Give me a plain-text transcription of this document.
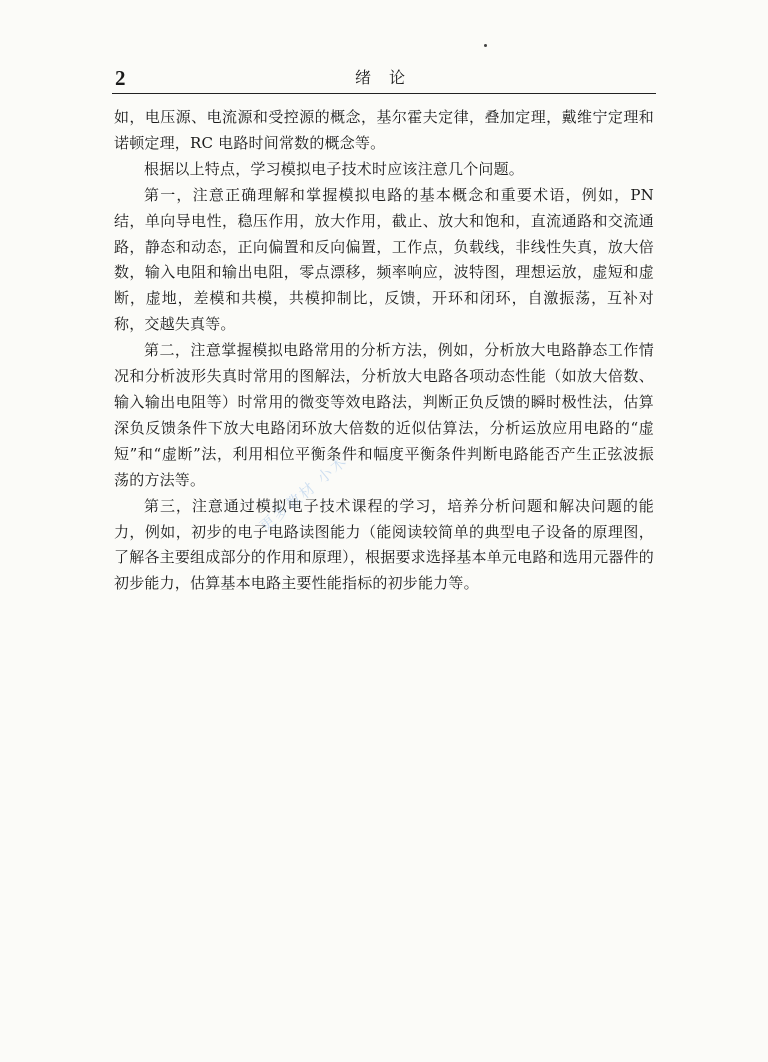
2	绪论

如，电压源、电流源和受控源的概念，基尔霍夫定律，叠加定理，戴维宁定理和诺顿定理，RC 电路时间常数的概念等。

根据以上特点，学习模拟电子技术时应该注意几个问题。

第一，注意正确理解和掌握模拟电路的基本概念和重要术语，例如，PN 结，单向导电性，稳压作用，放大作用，截止、放大和饱和，直流通路和交流通路，静态和动态，正向偏置和反向偏置，工作点，负载线，非线性失真，放大倍数，输入电阻和输出电阻，零点漂移，频率响应，波特图，理想运放，虚短和虚断，虚地，差模和共模，共模抑制比，反馈，开环和闭环，自激振荡，互补对称，交越失真等。

第二，注意掌握模拟电路常用的分析方法，例如，分析放大电路静态工作情况和分析波形失真时常用的图解法，分析放大电路各项动态性能（如放大倍数、输入输出电阻等）时常用的微变等效电路法，判断正负反馈的瞬时极性法，估算深负反馈条件下放大电路闭环放大倍数的近似估算法，分析运放应用电路的“虚短”和“虚断”法，利用相位平衡条件和幅度平衡条件判断电路能否产生正弦波振荡的方法等。

第三，注意通过模拟电子技术课程的学习，培养分析问题和解决问题的能力，例如，初步的电子电路读图能力（能阅读较简单的典型电子设备的原理图，了解各主要组成部分的作用和原理），根据要求选择基本单元电路和选用元器件的初步能力，估算基本电路主要性能指标的初步能力等。

更多教材 小木
